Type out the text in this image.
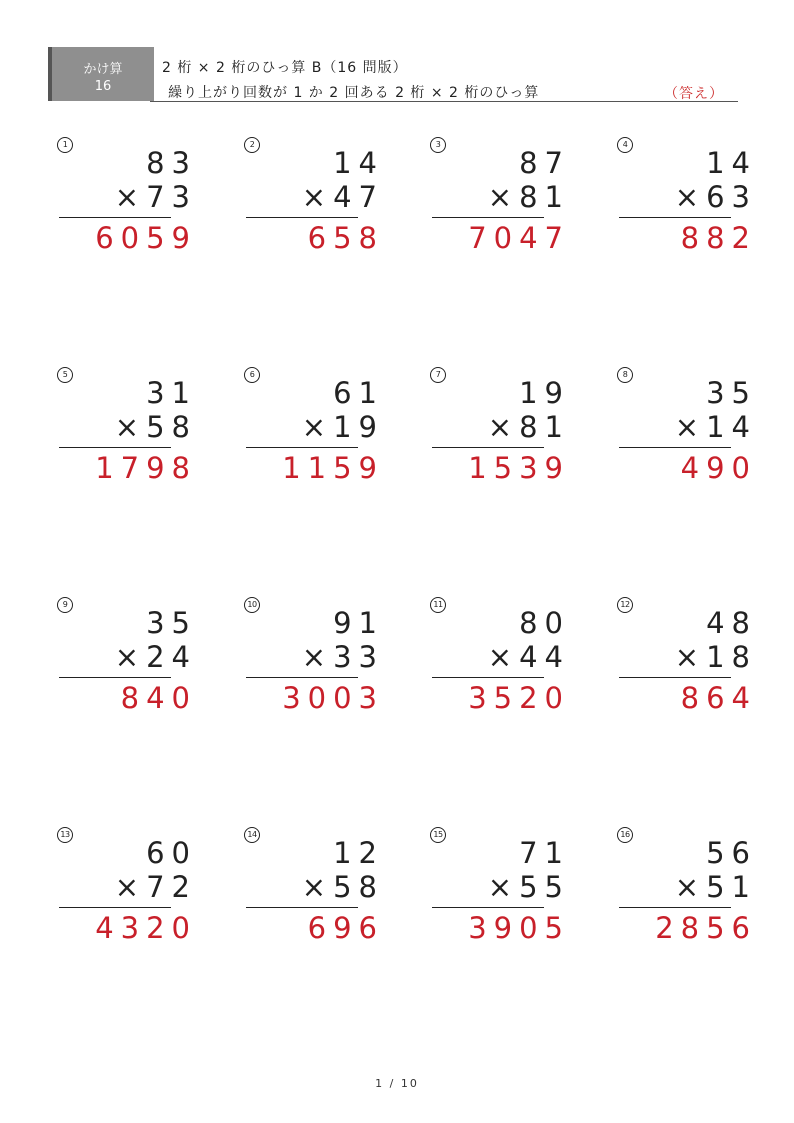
かけ算
16
2 桁 × 2 桁のひっ算 B（16 問版）
繰り上がり回数が 1 か 2 回ある 2 桁 × 2 桁のひっ算	（答え）
1
83
×73
6059
2
14
×47
658
3
87
×81
7047
4
14
×63
882
5
31
×58
1798
6
61
×19
1159
7
19
×81
1539
8
35
×14
490
9
35
×24
840
10
91
×33
3003
11
80
×44
3520
12
48
×18
864
13
60
×72
4320
14
12
×58
696
15
71
×55
3905
16
56
×51
2856
1 / 10
